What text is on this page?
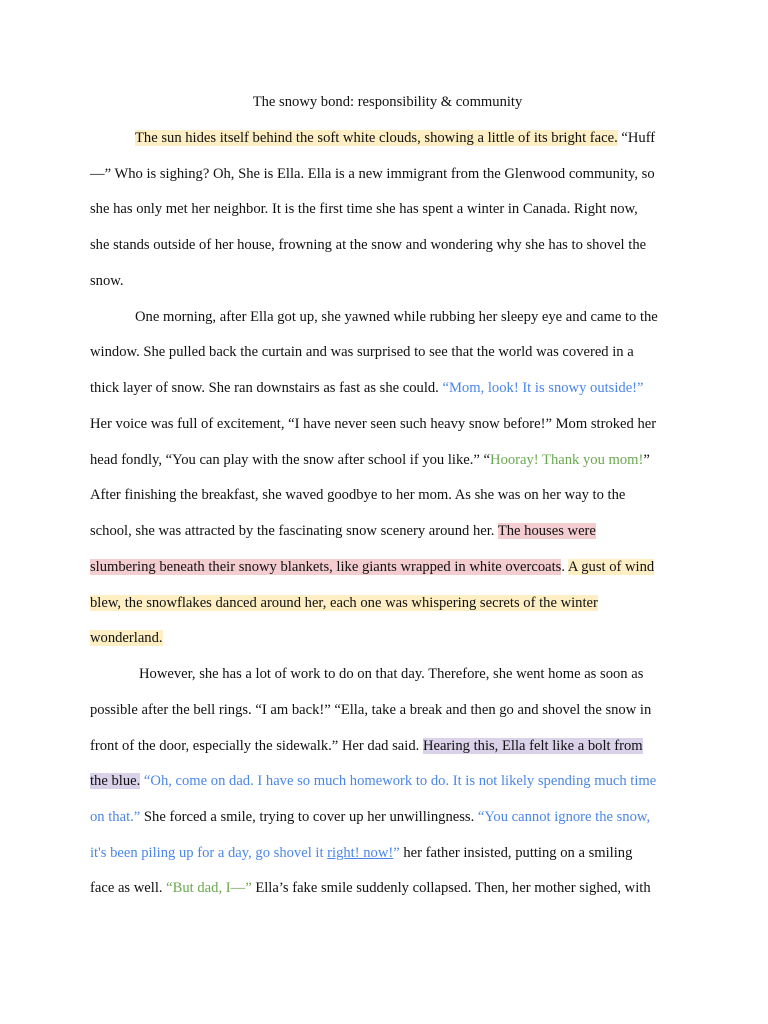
The snowy bond: responsibility & community
The sun hides itself behind the soft white clouds, showing a little of its bright face. “Huff
—” Who is sighing? Oh, She is Ella. Ella is a new immigrant from the Glenwood community, so
she has only met her neighbor. It is the first time she has spent a winter in Canada. Right now,
she stands outside of her house, frowning at the snow and wondering why she has to shovel the
snow.
One morning, after Ella got up, she yawned while rubbing her sleepy eye and came to the
window. She pulled back the curtain and was surprised to see that the world was covered in a
thick layer of snow. She ran downstairs as fast as she could. “Mom, look! It is snowy outside!”
Her voice was full of excitement, “I have never seen such heavy snow before!” Mom stroked her
head fondly, “You can play with the snow after school if you like.” “Hooray! Thank you mom!”
After finishing the breakfast, she waved goodbye to her mom. As she was on her way to the
school, she was attracted by the fascinating snow scenery around her. The houses were
slumbering beneath their snowy blankets, like giants wrapped in white overcoats. A gust of wind
blew, the snowflakes danced around her, each one was whispering secrets of the winter
wonderland.
However, she has a lot of work to do on that day. Therefore, she went home as soon as
possible after the bell rings. “I am back!” “Ella, take a break and then go and shovel the snow in
front of the door, especially the sidewalk.” Her dad said. Hearing this, Ella felt like a bolt from
the blue. “Oh, come on dad. I have so much homework to do. It is not likely spending much time
on that.” She forced a smile, trying to cover up her unwillingness. “You cannot ignore the snow,
it's been piling up for a day, go shovel it right! now!” her father insisted, putting on a smiling
face as well. “But dad, I—” Ella’s fake smile suddenly collapsed. Then, her mother sighed, with
